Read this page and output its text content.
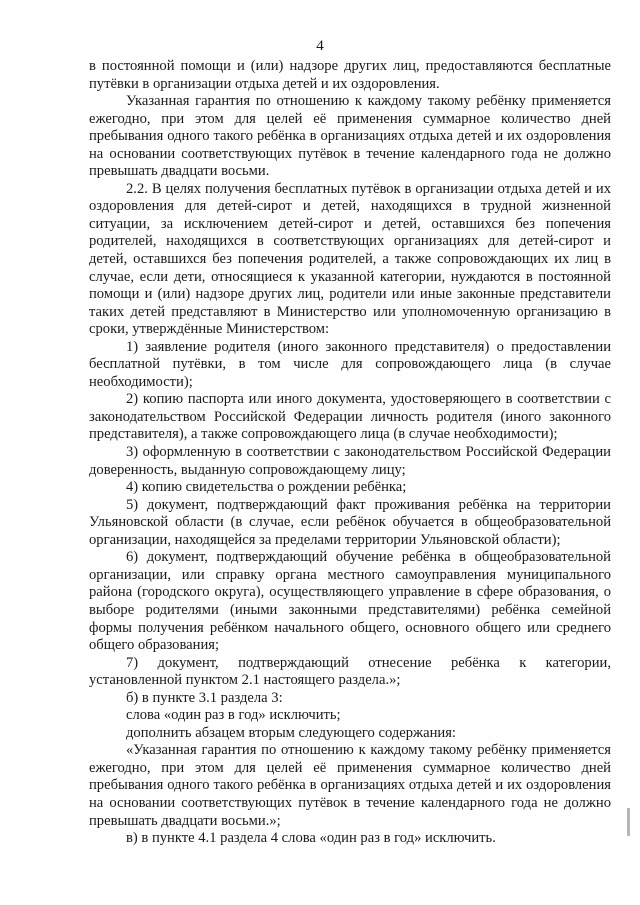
4

в постоянной помощи и (или) надзоре других лиц, предоставляются бесплатные путёвки в организации отдыха детей и их оздоровления.

Указанная гарантия по отношению к каждому такому ребёнку применяется ежегодно, при этом для целей её применения суммарное количество дней пребывания одного такого ребёнка в организациях отдыха детей и их оздоровления на основании соответствующих путёвок в течение календарного года не должно превышать двадцати восьми.

2.2. В целях получения бесплатных путёвок в организации отдыха детей и их оздоровления для детей-сирот и детей, находящихся в трудной жизненной ситуации, за исключением детей-сирот и детей, оставшихся без попечения родителей, находящихся в соответствующих организациях для детей-сирот и детей, оставшихся без попечения родителей, а также сопровождающих их лиц в случае, если дети, относящиеся к указанной категории, нуждаются в постоянной помощи и (или) надзоре других лиц, родители или иные законные представители таких детей представляют в Министерство или уполномоченную организацию в сроки, утверждённые Министерством:

1) заявление родителя (иного законного представителя) о предоставлении бесплатной путёвки, в том числе для сопровождающего лица (в случае необходимости);

2) копию паспорта или иного документа, удостоверяющего в соответствии с законодательством Российской Федерации личность родителя (иного законного представителя), а также сопровождающего лица (в случае необходимости);

3) оформленную в соответствии с законодательством Российской Федерации доверенность, выданную сопровождающему лицу;

4) копию свидетельства о рождении ребёнка;

5) документ, подтверждающий факт проживания ребёнка на территории Ульяновской области (в случае, если ребёнок обучается в общеобразовательной организации, находящейся за пределами территории Ульяновской области);

6) документ, подтверждающий обучение ребёнка в общеобразовательной организации, или справку органа местного самоуправления муниципального района (городского округа), осуществляющего управление в сфере образования, о выборе родителями (иными законными представителями) ребёнка семейной формы получения ребёнком начального общего, основного общего или среднего общего образования;

7) документ, подтверждающий отнесение ребёнка к категории, установленной пунктом 2.1 настоящего раздела.»;

б) в пункте 3.1 раздела 3:

слова «один раз в год» исключить;

дополнить абзацем вторым следующего содержания:

«Указанная гарантия по отношению к каждому такому ребёнку применяется ежегодно, при этом для целей её применения суммарное количество дней пребывания одного такого ребёнка в организациях отдыха детей и их оздоровления на основании соответствующих путёвок в течение календарного года не должно превышать двадцати восьми.»;

в) в пункте 4.1 раздела 4 слова «один раз в год» исключить.
